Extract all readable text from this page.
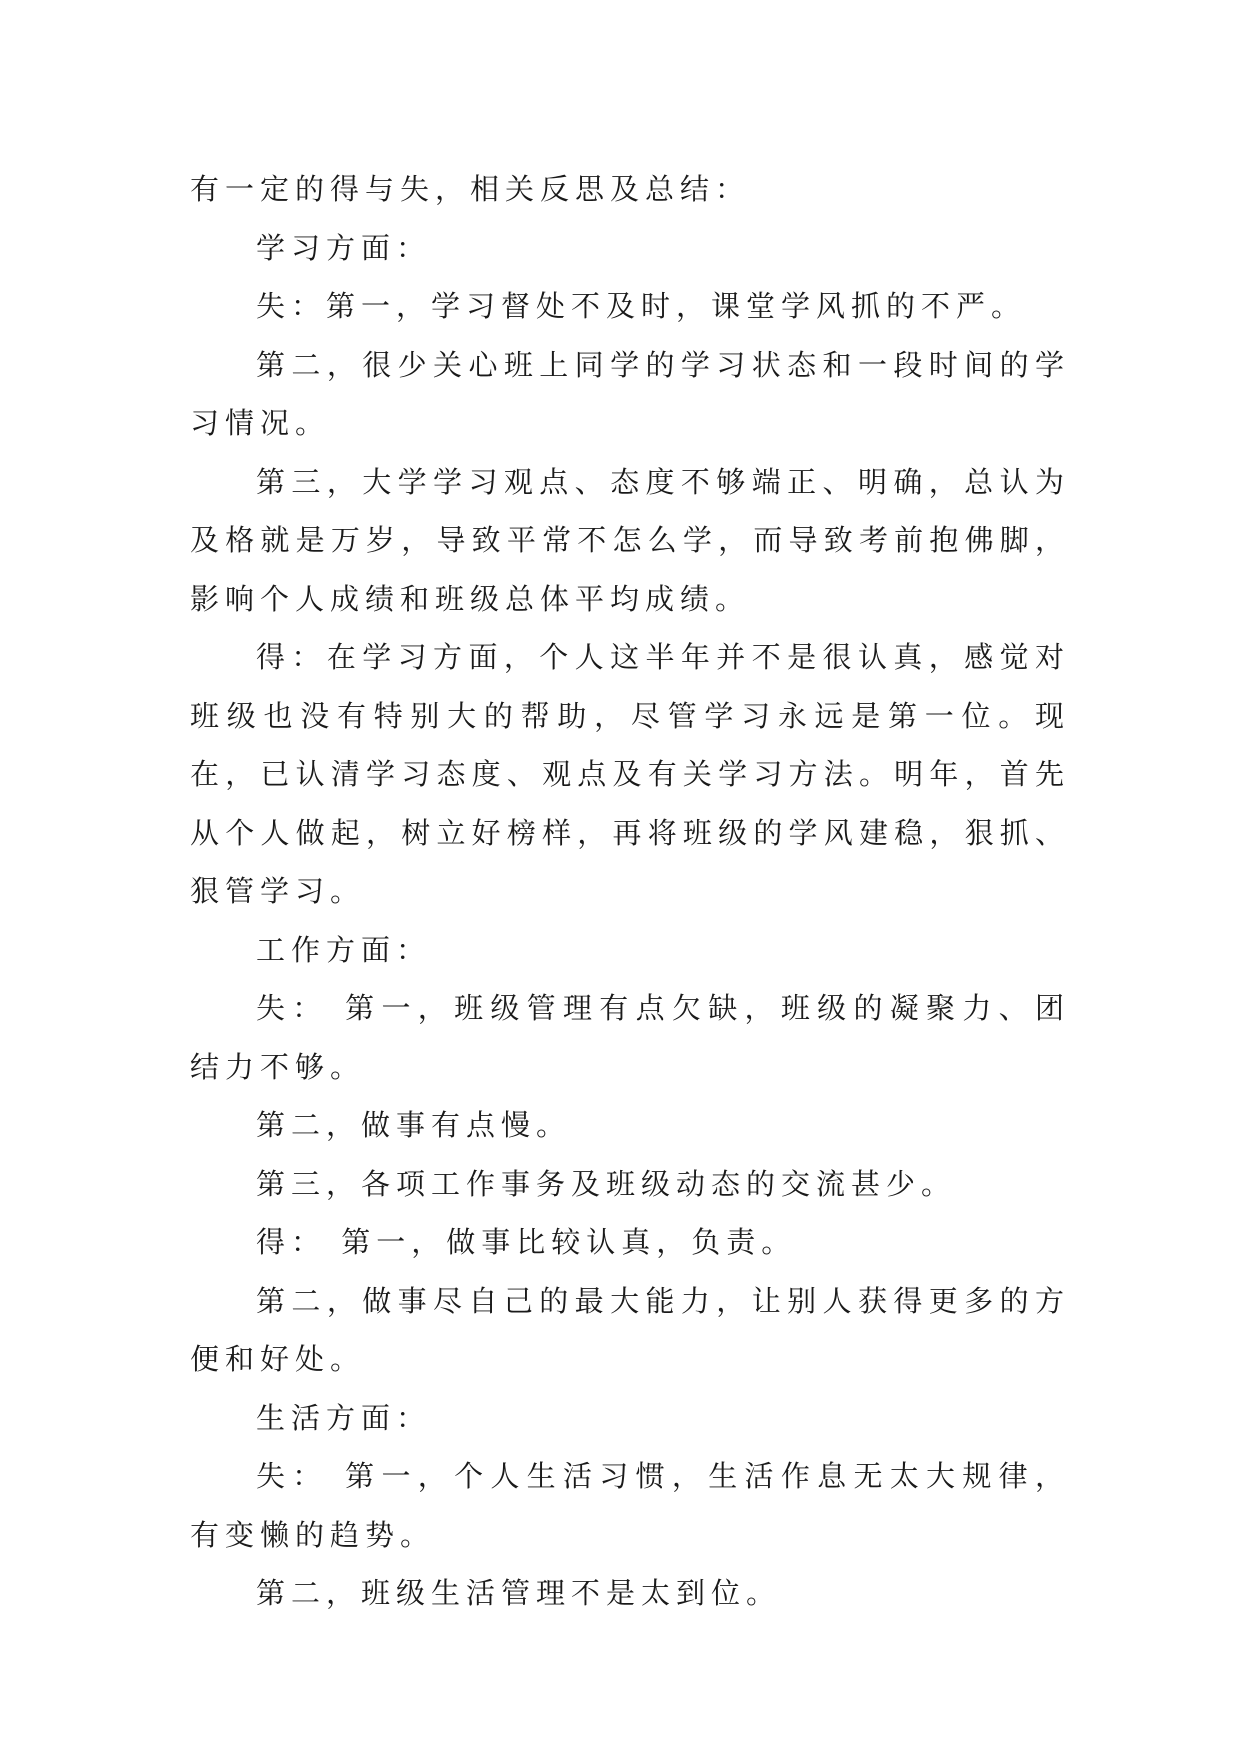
有一定的得与失，相关反思及总结：

学习方面：

失：第一，学习督处不及时，课堂学风抓的不严。

第二，很少关心班上同学的学习状态和一段时间的学习情况。

第三，大学学习观点、态度不够端正、明确，总认为及格就是万岁，导致平常不怎么学，而导致考前抱佛脚，影响个人成绩和班级总体平均成绩。

得：在学习方面，个人这半年并不是很认真，感觉对班级也没有特别大的帮助，尽管学习永远是第一位。现在，已认清学习态度、观点及有关学习方法。明年，首先从个人做起，树立好榜样，再将班级的学风建稳，狠抓、狠管学习。

工作方面：

失： 第一，班级管理有点欠缺，班级的凝聚力、团结力不够。

第二，做事有点慢。

第三，各项工作事务及班级动态的交流甚少。

得： 第一，做事比较认真，负责。

第二，做事尽自己的最大能力，让别人获得更多的方便和好处。

生活方面：

失： 第一，个人生活习惯，生活作息无太大规律，有变懒的趋势。

第二，班级生活管理不是太到位。
